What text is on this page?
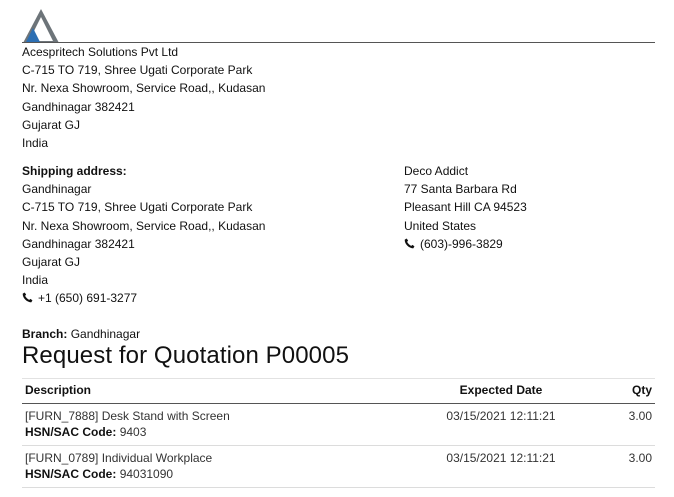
Acespritech Solutions Pvt Ltd
C-715 TO 719, Shree Ugati Corporate Park
Nr. Nexa Showroom, Service Road,, Kudasan
Gandhinagar 382421
Gujarat GJ
India
Shipping address:
Gandhinagar
C-715 TO 719, Shree Ugati Corporate Park
Nr. Nexa Showroom, Service Road,, Kudasan
Gandhinagar 382421
Gujarat GJ
India
+1 (650) 691-3277
Deco Addict
77 Santa Barbara Rd
Pleasant Hill CA 94523
United States
(603)-996-3829
Branch: Gandhinagar
Request for Quotation P00005
Description	Expected Date	Qty
[FURN_7888] Desk Stand with Screen
HSN/SAC Code: 9403	03/15/2021 12:11:21	3.00
[FURN_0789] Individual Workplace
HSN/SAC Code: 94031090	03/15/2021 12:11:21	3.00
